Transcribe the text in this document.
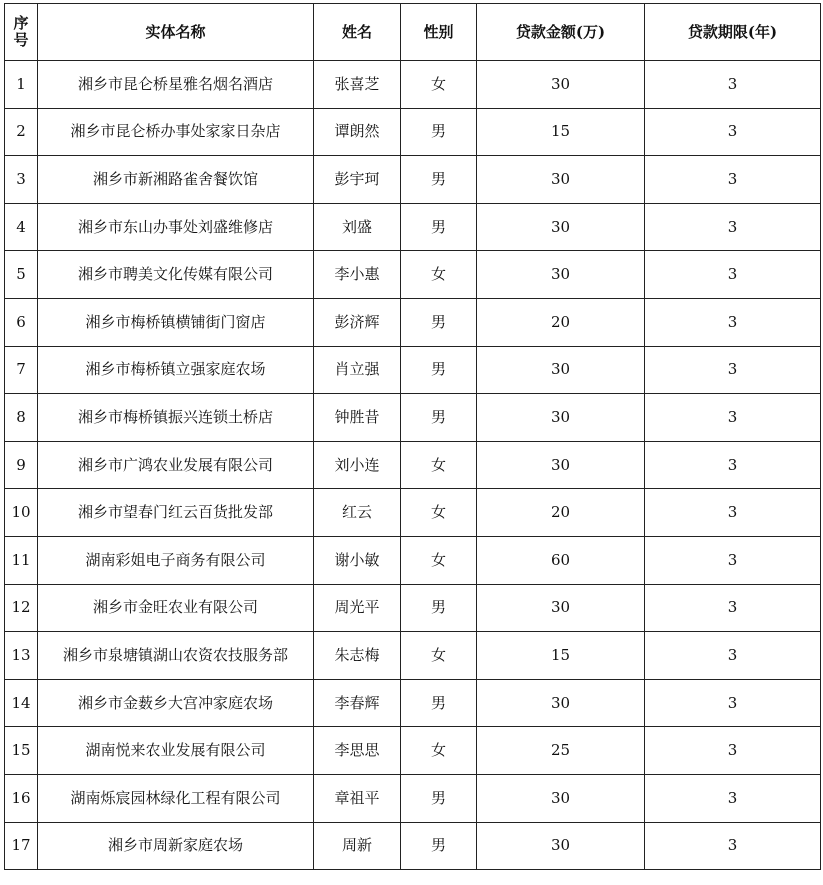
序号	实体名称	姓名	性别	贷款金额(万)	贷款期限(年)
1	湘乡市昆仑桥星雅名烟名酒店	张喜芝	女	30	3
2	湘乡市昆仑桥办事处家家日杂店	谭朗然	男	15	3
3	湘乡市新湘路雀舍餐饮馆	彭宇珂	男	30	3
4	湘乡市东山办事处刘盛维修店	刘盛	男	30	3
5	湘乡市聘美文化传媒有限公司	李小惠	女	30	3
6	湘乡市梅桥镇横铺街门窗店	彭济辉	男	20	3
7	湘乡市梅桥镇立强家庭农场	肖立强	男	30	3
8	湘乡市梅桥镇振兴连锁土桥店	钟胜昔	男	30	3
9	湘乡市广鸿农业发展有限公司	刘小连	女	30	3
10	湘乡市望春门红云百货批发部	红云	女	20	3
11	湖南彩姐电子商务有限公司	谢小敏	女	60	3
12	湘乡市金旺农业有限公司	周光平	男	30	3
13	湘乡市泉塘镇湖山农资农技服务部	朱志梅	女	15	3
14	湘乡市金薮乡大宫冲家庭农场	李春辉	男	30	3
15	湖南悦来农业发展有限公司	李思思	女	25	3
16	湖南烁宸园林绿化工程有限公司	章祖平	男	30	3
17	湘乡市周新家庭农场	周新	男	30	3
